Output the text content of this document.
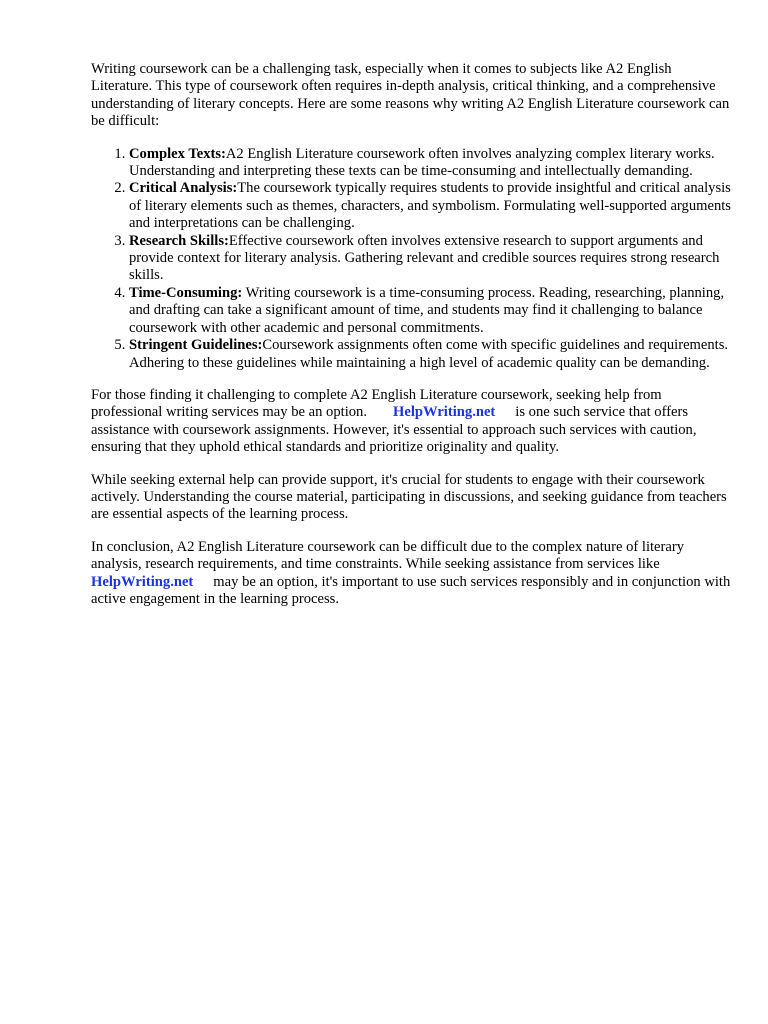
Writing coursework can be a challenging task, especially when it comes to subjects like A2 English Literature. This type of coursework often requires in-depth analysis, critical thinking, and a comprehensive understanding of literary concepts. Here are some reasons why writing A2 English Literature coursework can be difficult:

1. Complex Texts:A2 English Literature coursework often involves analyzing complex literary works. Understanding and interpreting these texts can be time-consuming and intellectually demanding.
2. Critical Analysis:The coursework typically requires students to provide insightful and critical analysis of literary elements such as themes, characters, and symbolism. Formulating well-supported arguments and interpretations can be challenging.
3. Research Skills:Effective coursework often involves extensive research to support arguments and provide context for literary analysis. Gathering relevant and credible sources requires strong research skills.
4. Time-Consuming: Writing coursework is a time-consuming process. Reading, researching, planning, and drafting can take a significant amount of time, and students may find it challenging to balance coursework with other academic and personal commitments.
5. Stringent Guidelines:Coursework assignments often come with specific guidelines and requirements. Adhering to these guidelines while maintaining a high level of academic quality can be demanding.

For those finding it challenging to complete A2 English Literature coursework, seeking help from professional writing services may be an option. HelpWriting.net is one such service that offers assistance with coursework assignments. However, it's essential to approach such services with caution, ensuring that they uphold ethical standards and prioritize originality and quality.

While seeking external help can provide support, it's crucial for students to engage with their coursework actively. Understanding the course material, participating in discussions, and seeking guidance from teachers are essential aspects of the learning process.

In conclusion, A2 English Literature coursework can be difficult due to the complex nature of literary analysis, research requirements, and time constraints. While seeking assistance from services likeHelpWriting.net may be an option, it's important to use such services responsibly and in conjunction with active engagement in the learning process.
